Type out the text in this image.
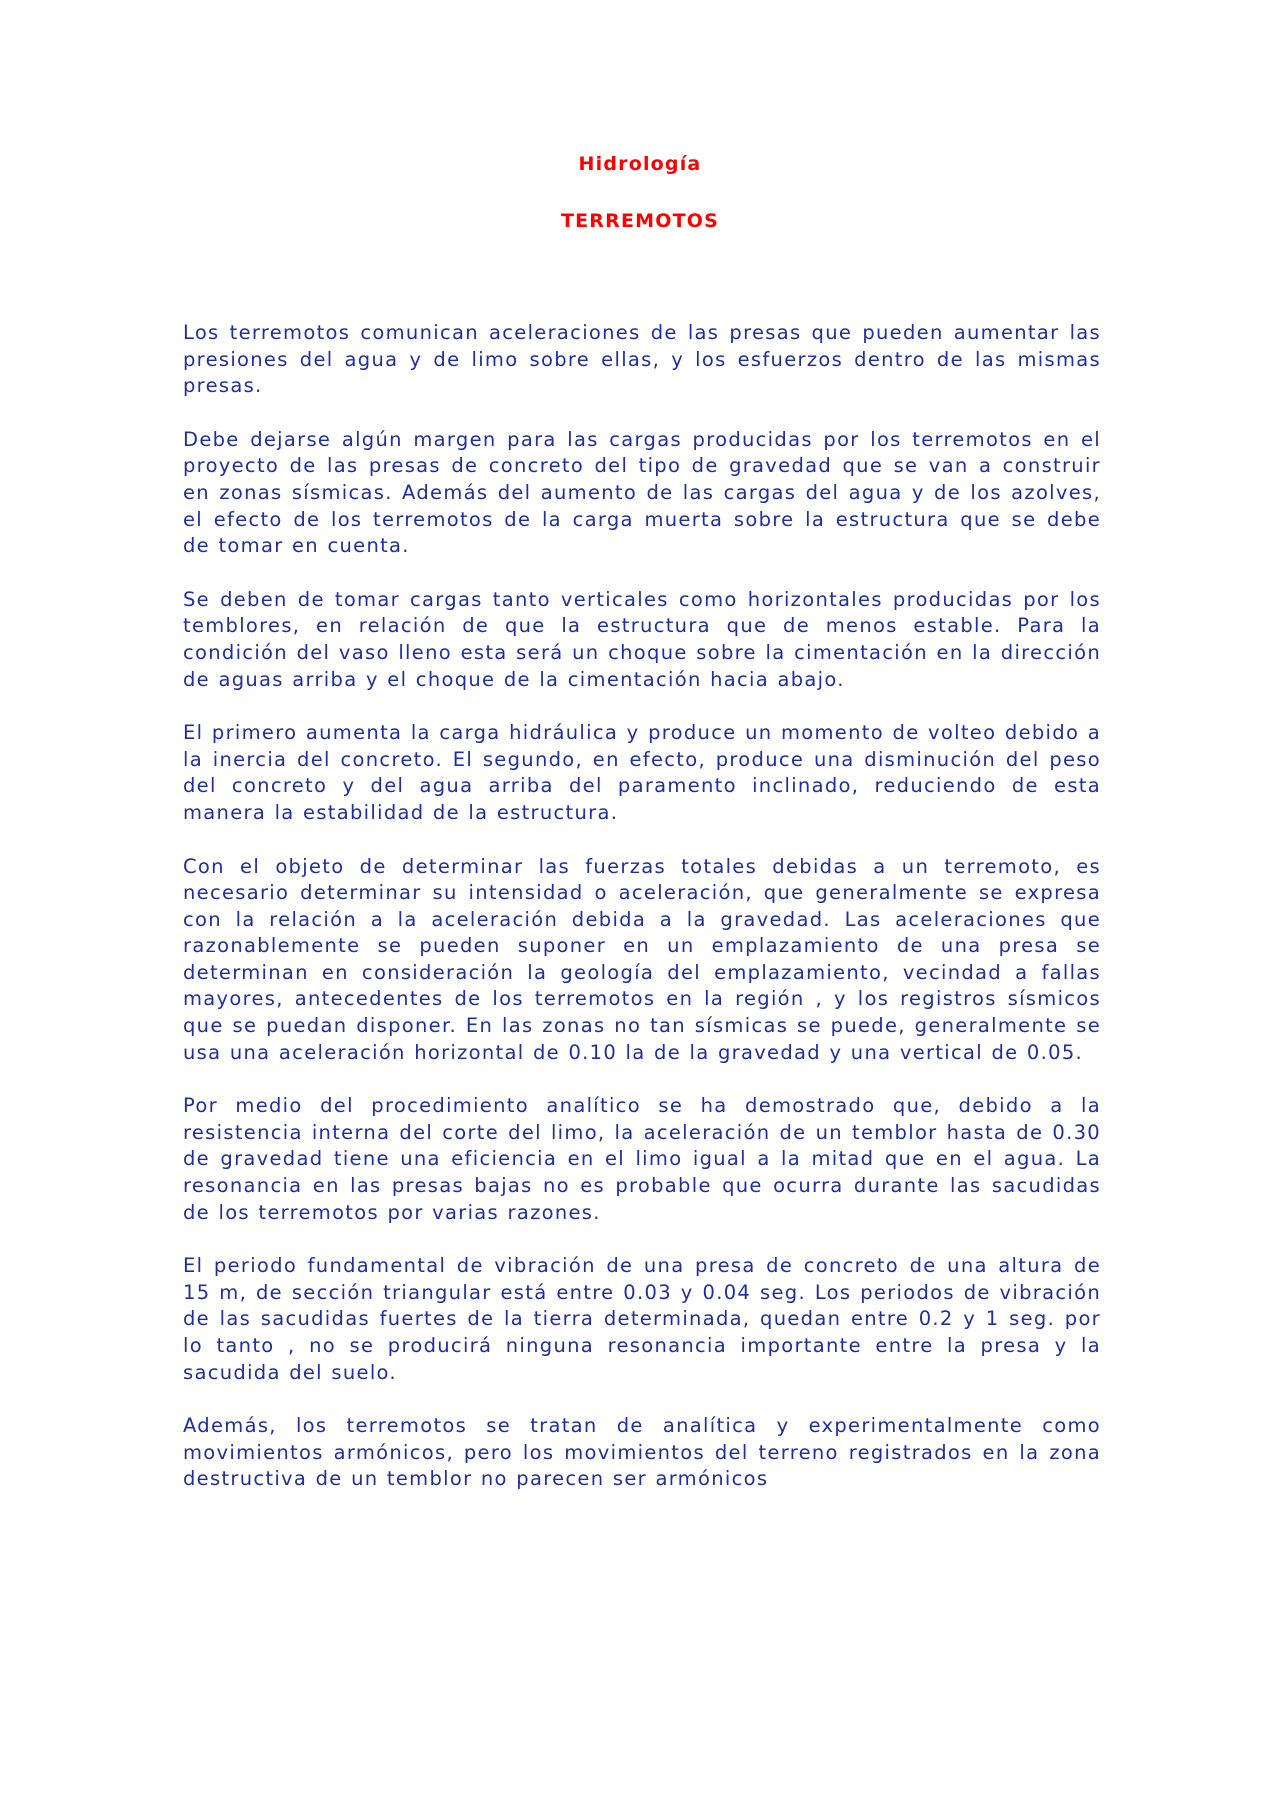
Hidrología
TERREMOTOS

Los terremotos comunican aceleraciones de las presas que pueden aumentar las presiones del agua y de limo sobre ellas, y los esfuerzos dentro de las mismas presas.

Debe dejarse algún margen para las cargas producidas por los terremotos en el proyecto de las presas de concreto del tipo de gravedad que se van a construir en zonas sísmicas. Además del aumento de las cargas del agua y de los azolves, el efecto de los terremotos de la carga muerta sobre la estructura que se debe de tomar en cuenta.

Se deben de tomar cargas tanto verticales como horizontales producidas por los temblores, en relación de que la estructura que de menos estable. Para la condición del vaso lleno esta será un choque sobre la cimentación en la dirección de aguas arriba y el choque de la cimentación hacia abajo.

El primero aumenta la carga hidráulica y produce un momento de volteo debido a la inercia del concreto. El segundo, en efecto, produce una disminución del peso del concreto y del agua arriba del paramento inclinado, reduciendo de esta manera la estabilidad de la estructura.

Con el objeto de determinar las fuerzas totales debidas a un terremoto, es necesario determinar su intensidad o aceleración, que generalmente se expresa con la relación a la aceleración debida a la gravedad. Las aceleraciones que razonablemente se pueden suponer en un emplazamiento de una presa se determinan en consideración la geología del emplazamiento, vecindad a fallas mayores, antecedentes de los terremotos en la región , y los registros sísmicos que se puedan disponer. En las zonas no tan sísmicas se puede, generalmente se usa una aceleración horizontal de 0.10 la de la gravedad y una vertical de 0.05.

Por medio del procedimiento analítico se ha demostrado que, debido a la resistencia interna del corte del limo, la aceleración de un temblor hasta de 0.30 de gravedad tiene una eficiencia en el limo igual a la mitad que en el agua. La resonancia en las presas bajas no es probable que ocurra durante las sacudidas de los terremotos por varias razones.

El periodo fundamental de vibración de una presa de concreto de una altura de 15 m, de sección triangular está entre 0.03 y 0.04 seg. Los periodos de vibración de las sacudidas fuertes de la tierra determinada, quedan entre 0.2 y 1 seg. por lo tanto , no se producirá ninguna resonancia importante entre la presa y la sacudida del suelo.

Además, los terremotos se tratan de analítica y experimentalmente como movimientos armónicos, pero los movimientos del terreno registrados en la zona destructiva de un temblor no parecen ser armónicos
